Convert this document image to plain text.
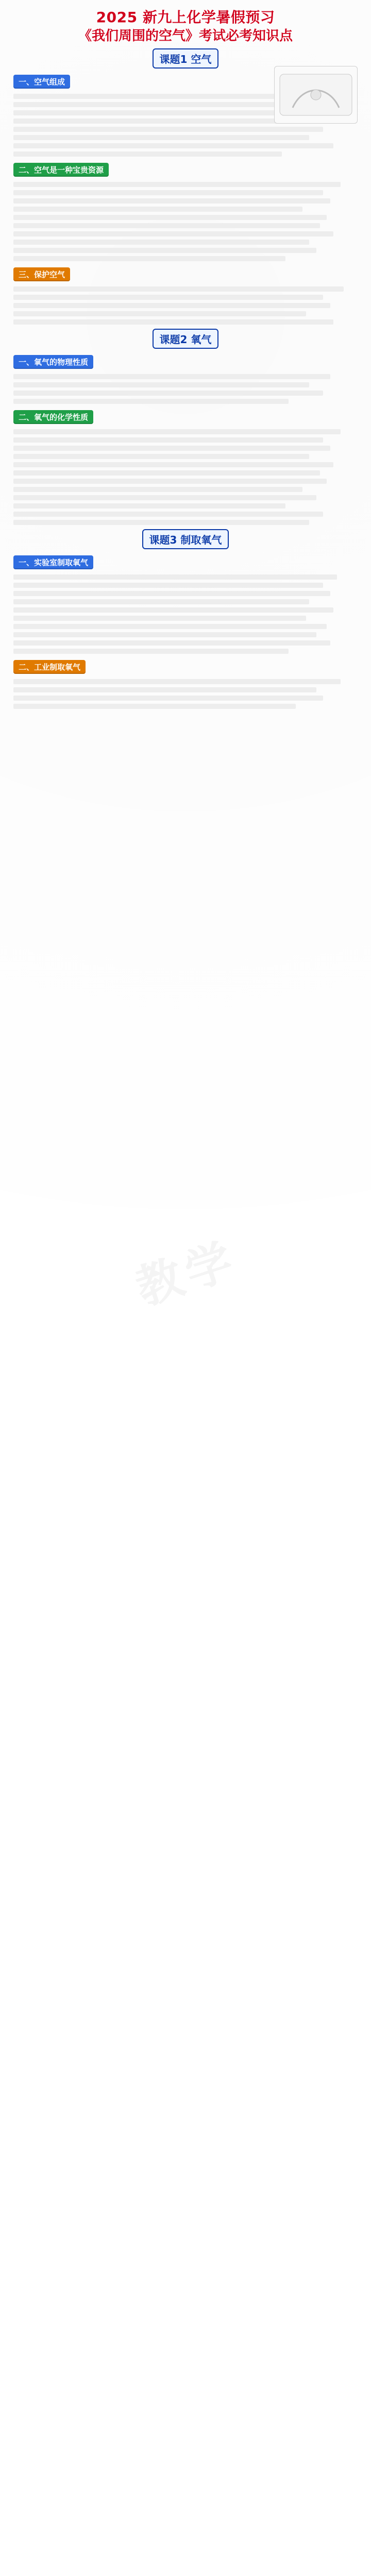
2025 新九上化学暑假预习
《我们周围的空气》考试必考知识点
课题1 空气
一、空气组成
二、空气是一种宝贵资源
三、保护空气
课题2 氧气
一、氧气的物理性质
二、氧气的化学性质
课题3 制取氧气
一、实验室制取氧气
二、工业制取氧气
教学
